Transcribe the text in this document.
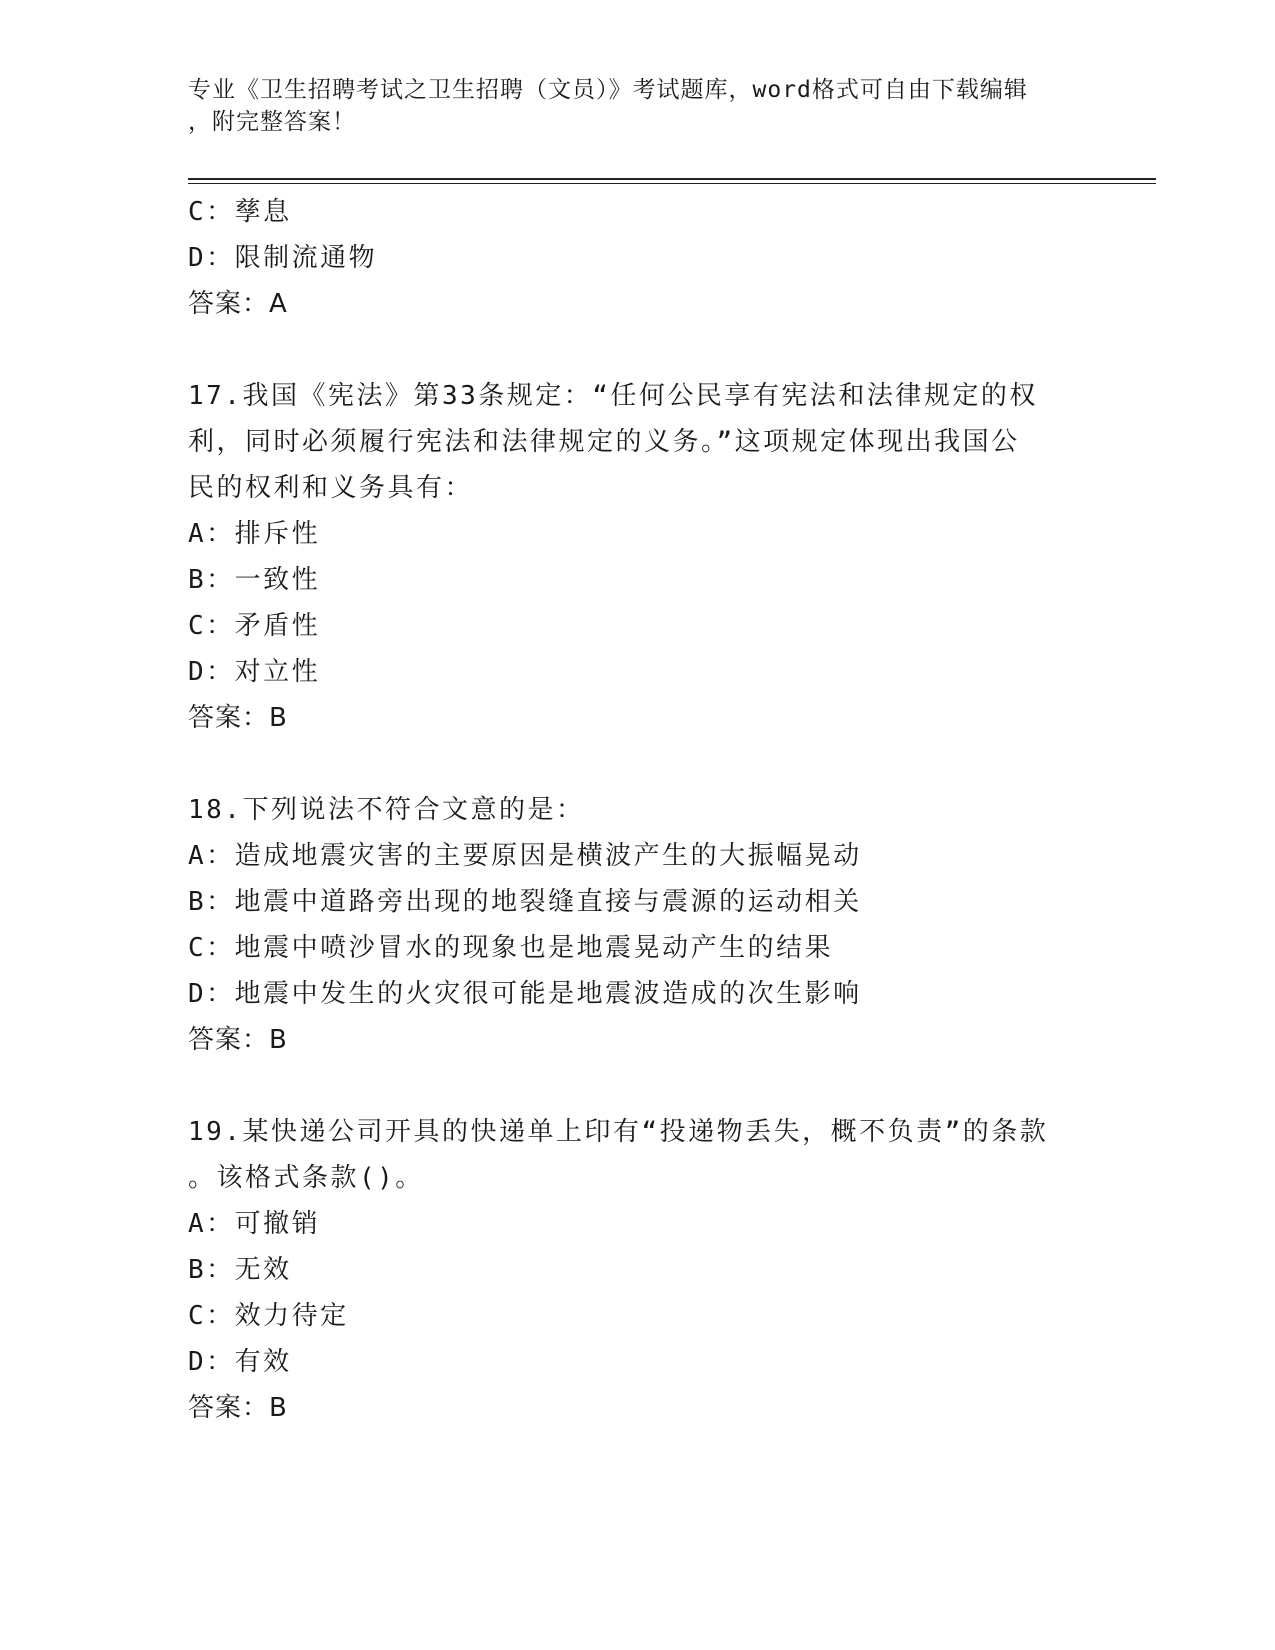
专业《卫生招聘考试之卫生招聘（文员）》考试题库，word格式可自由下载编辑
，附完整答案！
C：孳息
D：限制流通物
答案：A
17.我国《宪法》第33条规定：“任何公民享有宪法和法律规定的权
利，同时必须履行宪法和法律规定的义务。”这项规定体现出我国公
民的权利和义务具有：
A：排斥性
B：一致性
C：矛盾性
D：对立性
答案：B
18.下列说法不符合文意的是：
A：造成地震灾害的主要原因是横波产生的大振幅晃动
B：地震中道路旁出现的地裂缝直接与震源的运动相关
C：地震中喷沙冒水的现象也是地震晃动产生的结果
D：地震中发生的火灾很可能是地震波造成的次生影响
答案：B
19.某快递公司开具的快递单上印有“投递物丢失，概不负责”的条款
。该格式条款()。
A：可撤销
B：无效
C：效力待定
D：有效
答案：B
